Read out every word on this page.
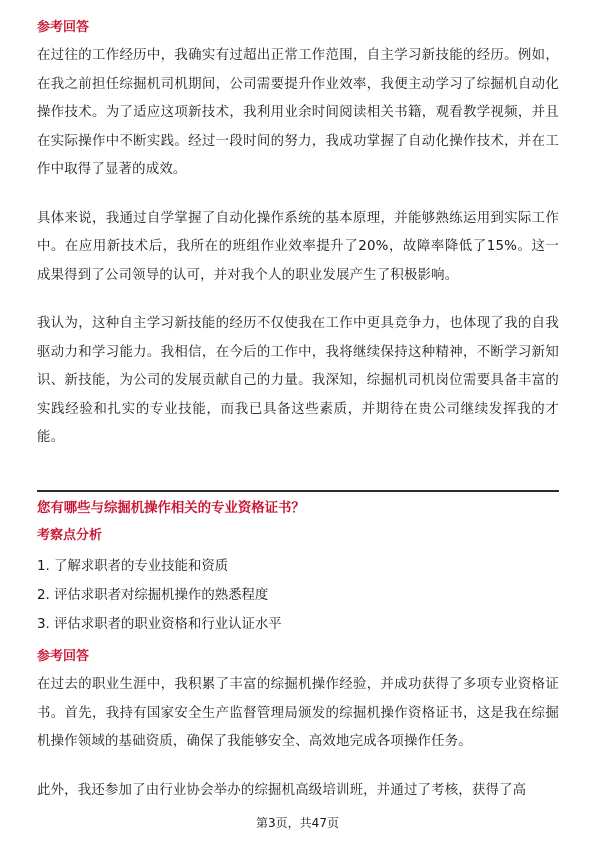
参考回答

在过往的工作经历中，我确实有过超出正常工作范围，自主学习新技能的经历。例如，在我之前担任综掘机司机期间，公司需要提升作业效率，我便主动学习了综掘机自动化操作技术。为了适应这项新技术，我利用业余时间阅读相关书籍，观看教学视频，并且在实际操作中不断实践。经过一段时间的努力，我成功掌握了自动化操作技术，并在工作中取得了显著的成效。

具体来说，我通过自学掌握了自动化操作系统的基本原理，并能够熟练运用到实际工作中。在应用新技术后，我所在的班组作业效率提升了20%，故障率降低了15%。这一成果得到了公司领导的认可，并对我个人的职业发展产生了积极影响。

我认为，这种自主学习新技能的经历不仅使我在工作中更具竞争力，也体现了我的自我驱动力和学习能力。我相信，在今后的工作中，我将继续保持这种精神，不断学习新知识、新技能，为公司的发展贡献自己的力量。我深知，综掘机司机岗位需要具备丰富的实践经验和扎实的专业技能，而我已具备这些素质，并期待在贵公司继续发挥我的才能。

您有哪些与综掘机操作相关的专业资格证书？

考察点分析

1. 了解求职者的专业技能和资质
2. 评估求职者对综掘机操作的熟悉程度
3. 评估求职者的职业资格和行业认证水平

参考回答

在过去的职业生涯中，我积累了丰富的综掘机操作经验，并成功获得了多项专业资格证书。首先，我持有国家安全生产监督管理局颁发的综掘机操作资格证书，这是我在综掘机操作领域的基础资质，确保了我能够安全、高效地完成各项操作任务。

此外，我还参加了由行业协会举办的综掘机高级培训班，并通过了考核，获得了高

第3页，共47页
